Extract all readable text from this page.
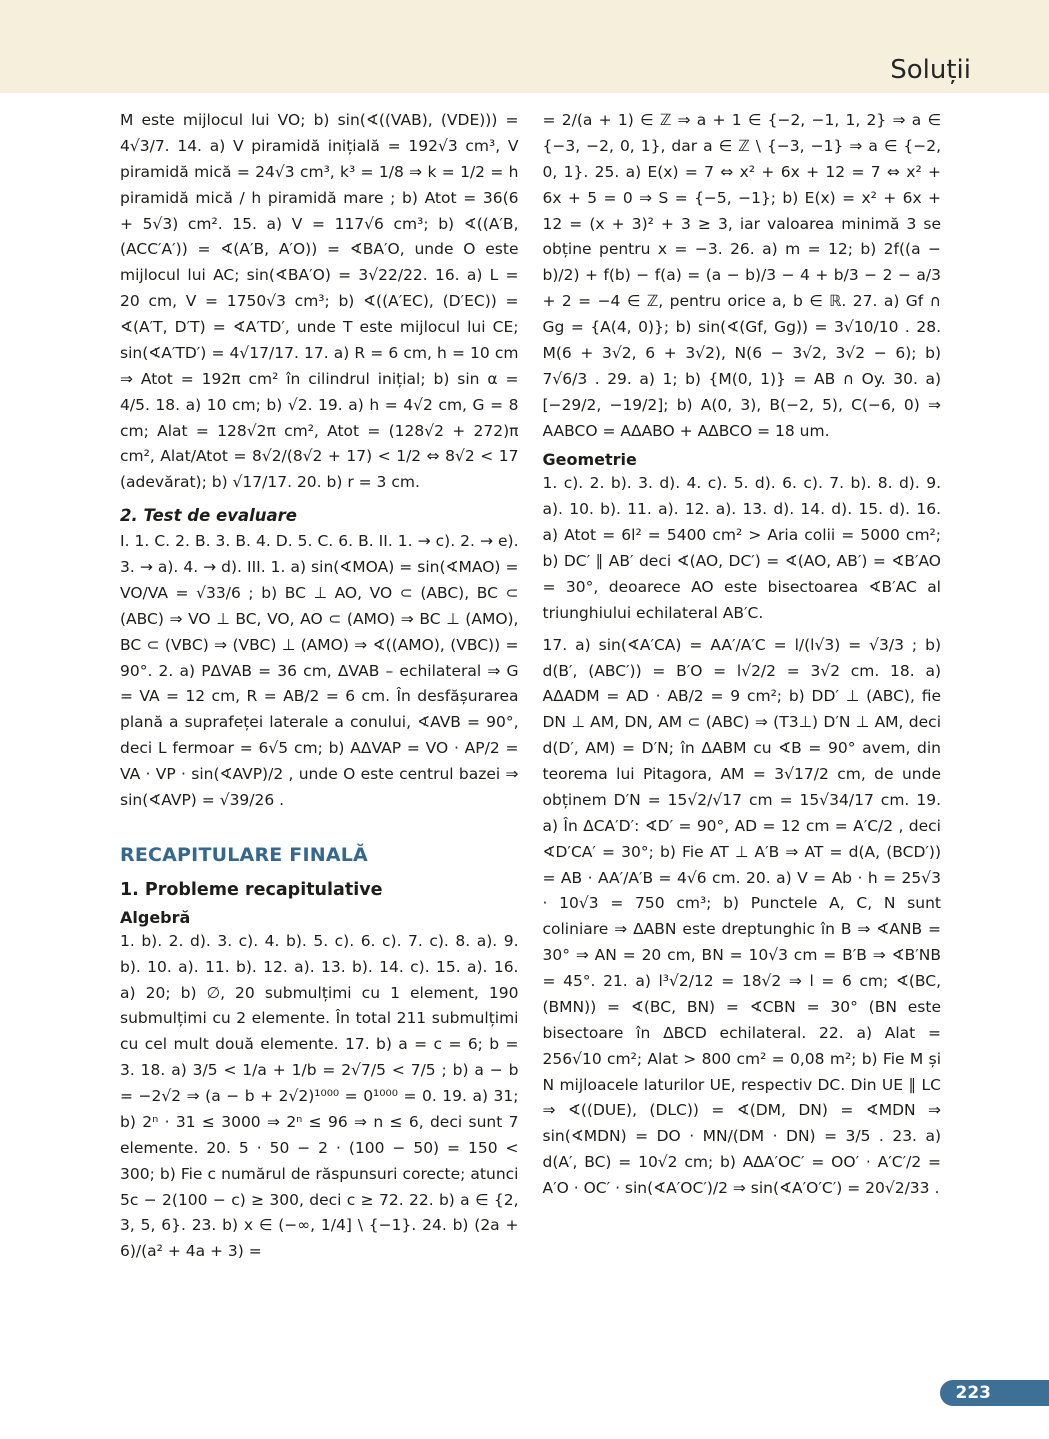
Soluții

M este mijlocul lui VO; b) sin(∢((VAB), (VDE))) = 4√3/7. 14. a) V piramidă inițială = 192√3 cm³, V piramidă mică = 24√3 cm³, k³ = 1/8 ⇒ k = 1/2 = h piramidă mică / h piramidă mare ; b) Atot = 36(6 + 5√3) cm². 15. a) V = 117√6 cm³; b) ∢((A′B, (ACC′A′)) = ∢(A′B, A′O)) = ∢BA′O, unde O este mijlocul lui AC; sin(∢BA′O) = 3√22/22. 16. a) L = 20 cm, V = 1750√3 cm³; b) ∢((A′EC), (D′EC)) = ∢(A′T, D′T) = ∢A′TD′, unde T este mijlocul lui CE; sin(∢A′TD′) = 4√17/17. 17. a) R = 6 cm, h = 10 cm ⇒ Atot = 192π cm² în cilindrul inițial; b) sin α = 4/5. 18. a) 10 cm; b) √2. 19. a) h = 4√2 cm, G = 8 cm; Alat = 128√2π cm², Atot = (128√2 + 272)π cm², Alat/Atot = 8√2/(8√2 + 17) < 1/2 ⇔ 8√2 < 17 (adevărat); b) √17/17. 20. b) r = 3 cm.

2. Test de evaluare

I. 1. C. 2. B. 3. B. 4. D. 5. C. 6. B. II. 1. → c). 2. → e). 3. → a). 4. → d). III. 1. a) sin(∢MOA) = sin(∢MAO) = VO/VA = √33/6 ; b) BC ⊥ AO, VO ⊂ (ABC), BC ⊂ (ABC) ⇒ VO ⊥ BC, VO, AO ⊂ (AMO) ⇒ BC ⊥ (AMO), BC ⊂ (VBC) ⇒ (VBC) ⊥ (AMO) ⇒ ∢((AMO), (VBC)) = 90°. 2. a) PΔVAB = 36 cm, ΔVAB – echilateral ⇒ G = VA = 12 cm, R = AB/2 = 6 cm. În desfășurarea plană a suprafeței laterale a conului, ∢AVB = 90°, deci L fermoar = 6√5 cm; b) AΔVAP = VO · AP/2 = VA · VP · sin(∢AVP)/2 , unde O este centrul bazei ⇒ sin(∢AVP) = √39/26 .

RECAPITULARE FINALĂ
1. Probleme recapitulative
Algebră

1. b). 2. d). 3. c). 4. b). 5. c). 6. c). 7. c). 8. a). 9. b). 10. a). 11. b). 12. a). 13. b). 14. c). 15. a). 16. a) 20; b) ∅, 20 submulțimi cu 1 element, 190 submulțimi cu 2 elemente. În total 211 submulțimi cu cel mult două elemente. 17. b) a = c = 6; b = 3. 18. a) 3/5 < 1/a + 1/b = 2√7/5 < 7/5 ; b) a − b = −2√2 ⇒ (a − b + 2√2)¹⁰⁰⁰ = 0¹⁰⁰⁰ = 0. 19. a) 31; b) 2ⁿ · 31 ≤ 3000 ⇒ 2ⁿ ≤ 96 ⇒ n ≤ 6, deci sunt 7 elemente. 20. 5 · 50 − 2 · (100 − 50) = 150 < 300; b) Fie c numărul de răspunsuri corecte; atunci 5c − 2(100 − c) ≥ 300, deci c ≥ 72. 22. b) a ∈ {2, 3, 5, 6}. 23. b) x ∈ (−∞, 1/4] \ {−1}. 24. b) (2a + 6)/(a² + 4a + 3) =

= 2/(a + 1) ∈ ℤ ⇒ a + 1 ∈ {−2, −1, 1, 2} ⇒ a ∈ {−3, −2, 0, 1}, dar a ∈ ℤ \ {−3, −1} ⇒ a ∈ {−2, 0, 1}. 25. a) E(x) = 7 ⇔ x² + 6x + 12 = 7 ⇔ x² + 6x + 5 = 0 ⇒ S = {−5, −1}; b) E(x) = x² + 6x + 12 = (x + 3)² + 3 ≥ 3, iar valoarea minimă 3 se obține pentru x = −3. 26. a) m = 12; b) 2f((a − b)/2) + f(b) − f(a) = (a − b)/3 − 4 + b/3 − 2 − a/3 + 2 = −4 ∈ ℤ, pentru orice a, b ∈ ℝ. 27. a) Gf ∩ Gg = {A(4, 0)}; b) sin(∢(Gf, Gg)) = 3√10/10 . 28. M(6 + 3√2, 6 + 3√2), N(6 − 3√2, 3√2 − 6); b) 7√6/3 . 29. a) 1; b) {M(0, 1)} = AB ∩ Oy. 30. a) [−29/2, −19/2]; b) A(0, 3), B(−2, 5), C(−6, 0) ⇒ AABCO = AΔABO + AΔBCO = 18 um.

Geometrie

1. c). 2. b). 3. d). 4. c). 5. d). 6. c). 7. b). 8. d). 9. a). 10. b). 11. a). 12. a). 13. d). 14. d). 15. d). 16. a) Atot = 6l² = 5400 cm² > Aria colii = 5000 cm²; b) DC′ ∥ AB′ deci ∢(AO, DC′) = ∢(AO, AB′) = ∢B′AO = 30°, deoarece AO este bisectoarea ∢B′AC al triunghiului echilateral AB′C.

17. a) sin(∢A′CA) = AA′/A′C = l/(l√3) = √3/3 ; b) d(B′, (ABC′)) = B′O = l√2/2 = 3√2 cm. 18. a) AΔADM = AD · AB/2 = 9 cm²; b) DD′ ⊥ (ABC), fie DN ⊥ AM, DN, AM ⊂ (ABC) ⇒ (T3⊥) D′N ⊥ AM, deci d(D′, AM) = D′N; în ΔABM cu ∢B = 90° avem, din teorema lui Pitagora, AM = 3√17/2 cm, de unde obținem D′N = 15√2/√17 cm = 15√34/17 cm. 19. a) În ΔCA′D′: ∢D′ = 90°, AD = 12 cm = A′C/2 , deci ∢D′CA′ = 30°; b) Fie AT ⊥ A′B ⇒ AT = d(A, (BCD′)) = AB · AA′/A′B = 4√6 cm. 20. a) V = Ab · h = 25√3 · 10√3 = 750 cm³; b) Punctele A, C, N sunt coliniare ⇒ ΔABN este dreptunghic în B ⇒ ∢ANB = 30° ⇒ AN = 20 cm, BN = 10√3 cm = B′B ⇒ ∢B′NB = 45°. 21. a) l³√2/12 = 18√2 ⇒ l = 6 cm; ∢(BC, (BMN)) = ∢(BC, BN) = ∢CBN = 30° (BN este bisectoare în ΔBCD echilateral. 22. a) Alat = 256√10 cm²; Alat > 800 cm² = 0,08 m²; b) Fie M și N mijloacele laturilor UE, respectiv DC. Din UE ∥ LC ⇒ ∢((DUE), (DLC)) = ∢(DM, DN) = ∢MDN ⇒ sin(∢MDN) = DO · MN/(DM · DN) = 3/5 . 23. a) d(A′, BC) = 10√2 cm; b) AΔA′OC′ = OO′ · A′C′/2 = A′O · OC′ · sin(∢A′OC′)/2 ⇒ sin(∢A′O′C′) = 20√2/33 .

223
